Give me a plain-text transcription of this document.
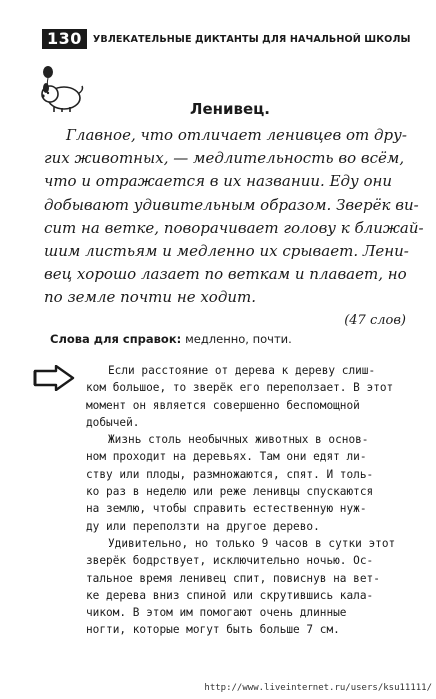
130	УВЛЕКАТЕЛЬНЫЕ ДИКТАНТЫ ДЛЯ НАЧАЛЬНОЙ ШКОЛЫ
Ленивец.
Главное, что отличает ленивцев от дру-
гих животных, — медлительность во всём,
что и отражается в их названии. Еду они
добывают удивительным образом. Зверёк ви-
сит на ветке, поворачивает голову к ближай-
шим листьям и медленно их срывает. Лени-
вец хорошо лазает по веткам и плавает, но
по земле почти не ходит.
(47 слов)
Слова для справок: медленно, почти.
Если расстояние от дерева к дереву слиш-
ком большое, то зверёк его переползает. В этот
момент он является совершенно беспомощной
добычей.
Жизнь столь необычных животных в основ-
ном проходит на деревьях. Там они едят ли-
ству или плоды, размножаются, спят. И толь-
ко раз в неделю или реже ленивцы спускаются
на землю, чтобы справить естественную нуж-
ду или переползти на другое дерево.
Удивительно, но только 9 часов в сутки этот
зверёк бодрствует, исключительно ночью. Ос-
тальное время ленивец спит, повиснув на вет-
ке дерева вниз спиной или скрутившись кала-
чиком. В этом им помогают очень длинные
ногти, которые могут быть больше 7 см.
http://www.liveinternet.ru/users/ksu11111/
